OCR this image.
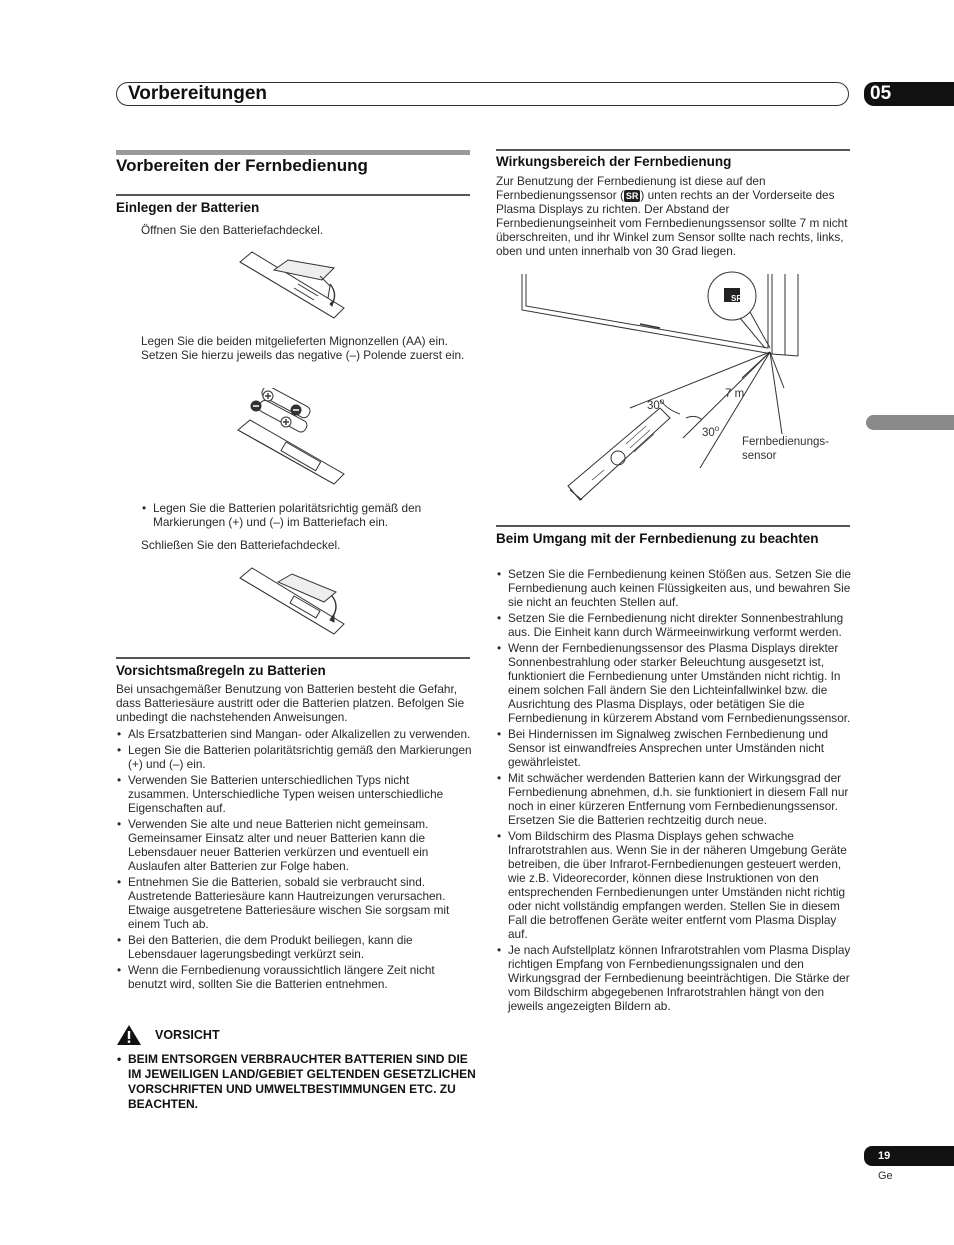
Vorbereitungen	05
Vorbereiten der Fernbedienung
Einlegen der Batterien

Öffnen Sie den Batteriefachdeckel.

Legen Sie die beiden mitgelieferten Mignonzellen (AA) ein. Setzen Sie hierzu jeweils das negative (–) Polende zuerst ein.

• Legen Sie die Batterien polaritätsrichtig gemäß den Markierungen (+) und (–) im Batteriefach ein.

Schließen Sie den Batteriefachdeckel.

Vorsichtsmaßregeln zu Batterien

Bei unsachgemäßer Benutzung von Batterien besteht die Gefahr, dass Batteriesäure austritt oder die Batterien platzen. Befolgen Sie unbedingt die nachstehenden Anweisungen.

• Als Ersatzbatterien sind Mangan- oder Alkalizellen zu verwenden.
• Legen Sie die Batterien polaritätsrichtig gemäß den Markierungen (+) und (–) ein.
• Verwenden Sie Batterien unterschiedlichen Typs nicht zusammen. Unterschiedliche Typen weisen unterschiedliche Eigenschaften auf.
• Verwenden Sie alte und neue Batterien nicht gemeinsam. Gemeinsamer Einsatz alter und neuer Batterien kann die Lebensdauer neuer Batterien verkürzen und eventuell ein Auslaufen alter Batterien zur Folge haben.
• Entnehmen Sie die Batterien, sobald sie verbraucht sind. Austretende Batteriesäure kann Hautreizungen verursachen. Etwaige ausgetretene Batteriesäure wischen Sie sorgsam mit einem Tuch ab.
• Bei den Batterien, die dem Produkt beiliegen, kann die Lebensdauer lagerungsbedingt verkürzt sein.
• Wenn die Fernbedienung voraussichtlich längere Zeit nicht benutzt wird, sollten Sie die Batterien entnehmen.
VORSICHT
• BEIM ENTSORGEN VERBRAUCHTER BATTERIEN SIND DIE IM JEWEILIGEN LAND/GEBIET GELTENDEN GESETZLICHEN VORSCHRIFTEN UND UMWELTBESTIMMUNGEN ETC. ZU BEACHTEN.
Wirkungsbereich der Fernbedienung

Zur Benutzung der Fernbedienung ist diese auf den Fernbedienungssensor ( SR ) unten rechts an der Vorderseite des Plasma Displays zu richten. Der Abstand der Fernbedienungseinheit vom Fernbedienungssensor sollte 7 m nicht überschreiten, und ihr Winkel zum Sensor sollte nach rechts, links, oben und unten innerhalb von 30 Grad liegen.

SR
30$^o$
7 m
30$^o$
Fernbedienungs-
sensor
Beim Umgang mit der Fernbedienung zu beachten
• Setzen Sie die Fernbedienung keinen Stößen aus. Setzen Sie die Fernbedienung auch keinen Flüssigkeiten aus, und bewahren Sie sie nicht an feuchten Stellen auf.
• Setzen Sie die Fernbedienung nicht direkter Sonnenbestrahlung aus. Die Einheit kann durch Wärmeeinwirkung verformt werden.
• Wenn der Fernbedienungssensor des Plasma Displays direkter Sonnenbestrahlung oder starker Beleuchtung ausgesetzt ist, funktioniert die Fernbedienung unter Umständen nicht richtig. In einem solchen Fall ändern Sie den Lichteinfallwinkel bzw. die Ausrichtung des Plasma Displays, oder betätigen Sie die Fernbedienung in kürzerem Abstand vom Fernbedienungssensor.
• Bei Hindernissen im Signalweg zwischen Fernbedienung und Sensor ist einwandfreies Ansprechen unter Umständen nicht gewährleistet.
• Mit schwächer werdenden Batterien kann der Wirkungsgrad der Fernbedienung abnehmen, d.h. sie funktioniert in diesem Fall nur noch in einer kürzeren Entfernung vom Fernbedienungssensor. Ersetzen Sie die Batterien rechtzeitig durch neue.
• Vom Bildschirm des Plasma Displays gehen schwache Infrarotstrahlen aus. Wenn Sie in der näheren Umgebung Geräte betreiben, die über Infrarot-Fernbedienungen gesteuert werden, wie z.B. Videorecorder, können diese Instruktionen von den entsprechenden Fernbedienungen unter Umständen nicht richtig oder nicht vollständig empfangen werden. Stellen Sie in diesem Fall die betroffenen Geräte weiter entfernt vom Plasma Display auf.
• Je nach Aufstellplatz können Infrarotstrahlen vom Plasma Display richtigen Empfang von Fernbedienungssignalen und den Wirkungsgrad der Fernbedienung beeinträchtigen. Die Stärke der vom Bildschirm abgegebenen Infrarotstrahlen hängt von den jeweils angezeigten Bildern ab.
19
Ge
